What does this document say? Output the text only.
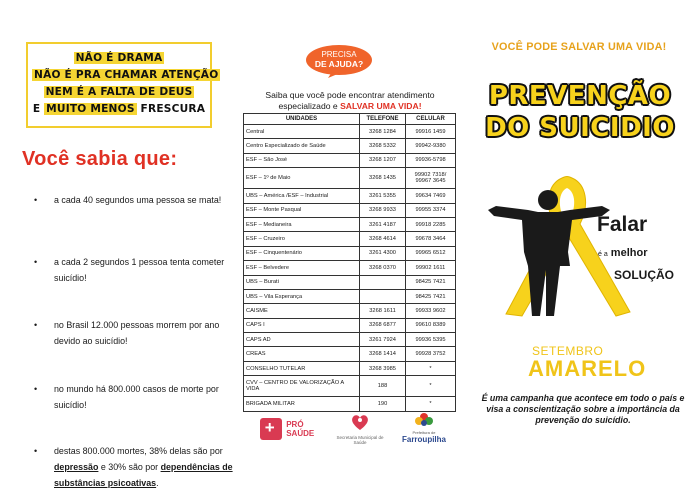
NÃO É DRAMA
NÃO É PRA CHAMAR ATENÇÃO
NEM É A FALTA DE DEUS
E MUITO MENOS FRESCURA
Você sabia que:
• a cada 40 segundos uma pessoa se mata!
• a cada 2 segundos 1 pessoa tenta cometer suicídio!
• no Brasil 12.000 pessoas morrem por ano devido ao suicídio!
• no mundo há 800.000 casos de morte por suicídio!
• destas 800.000 mortes, 38% delas são por depressão e 30% são por dependências de substâncias psicoativas.
PRECISA
DE AJUDA?
Saiba que você pode encontrar atendimento especializado e SALVAR UMA VIDA!
UNIDADES	TELEFONE	CELULAR
Central	3268 1284	99916 1459
Centro Especializado de Saúde	3268 5332	99942-9380
ESF – São José	3268 1207	99936-5798
ESF – 1º de Maio	3268 1435	99902 7318/ 99967 3645
UBS – América /ESF – Industrial	3261 5355	99634 7469
ESF – Monte Pasqual	3268 9933	99955 3374
ESF – Medianeira	3261 4187	99918 2285
ESF – Cruzeiro	3268 4614	99678 3464
ESF – Cinquentenário	3261 4300	99965 6512
ESF – Belvedere	3268 0370	99902 1611
UBS – Burati		98425 7421
UBS – Vila Esperança		98425 7421
CAISME	3268 1611	99933 9602
CAPS I	3268 6877	99610 8389
CAPS AD	3261 7924	99936 5395
CREAS	3268 1414	99928 3752
CONSELHO TUTELAR	3268 3985	*
CVV – CENTRO DE VALORIZAÇÃO A VIDA	188	*
BRIGADA MILITAR	190	*
+ PRÓ
SAÚDE	Secretaria Municipal de Saúde
Prefeitura de
Farroupilha
VOCÊ PODE SALVAR UMA VIDA!
PREVENÇÃO
DO SUICIDIO
Falar
é a melhor
SOLUÇÃO
SETEMBRO
AMARELO
É uma campanha que acontece em todo o país e visa a conscientização sobre a importância da prevenção do suicídio.
